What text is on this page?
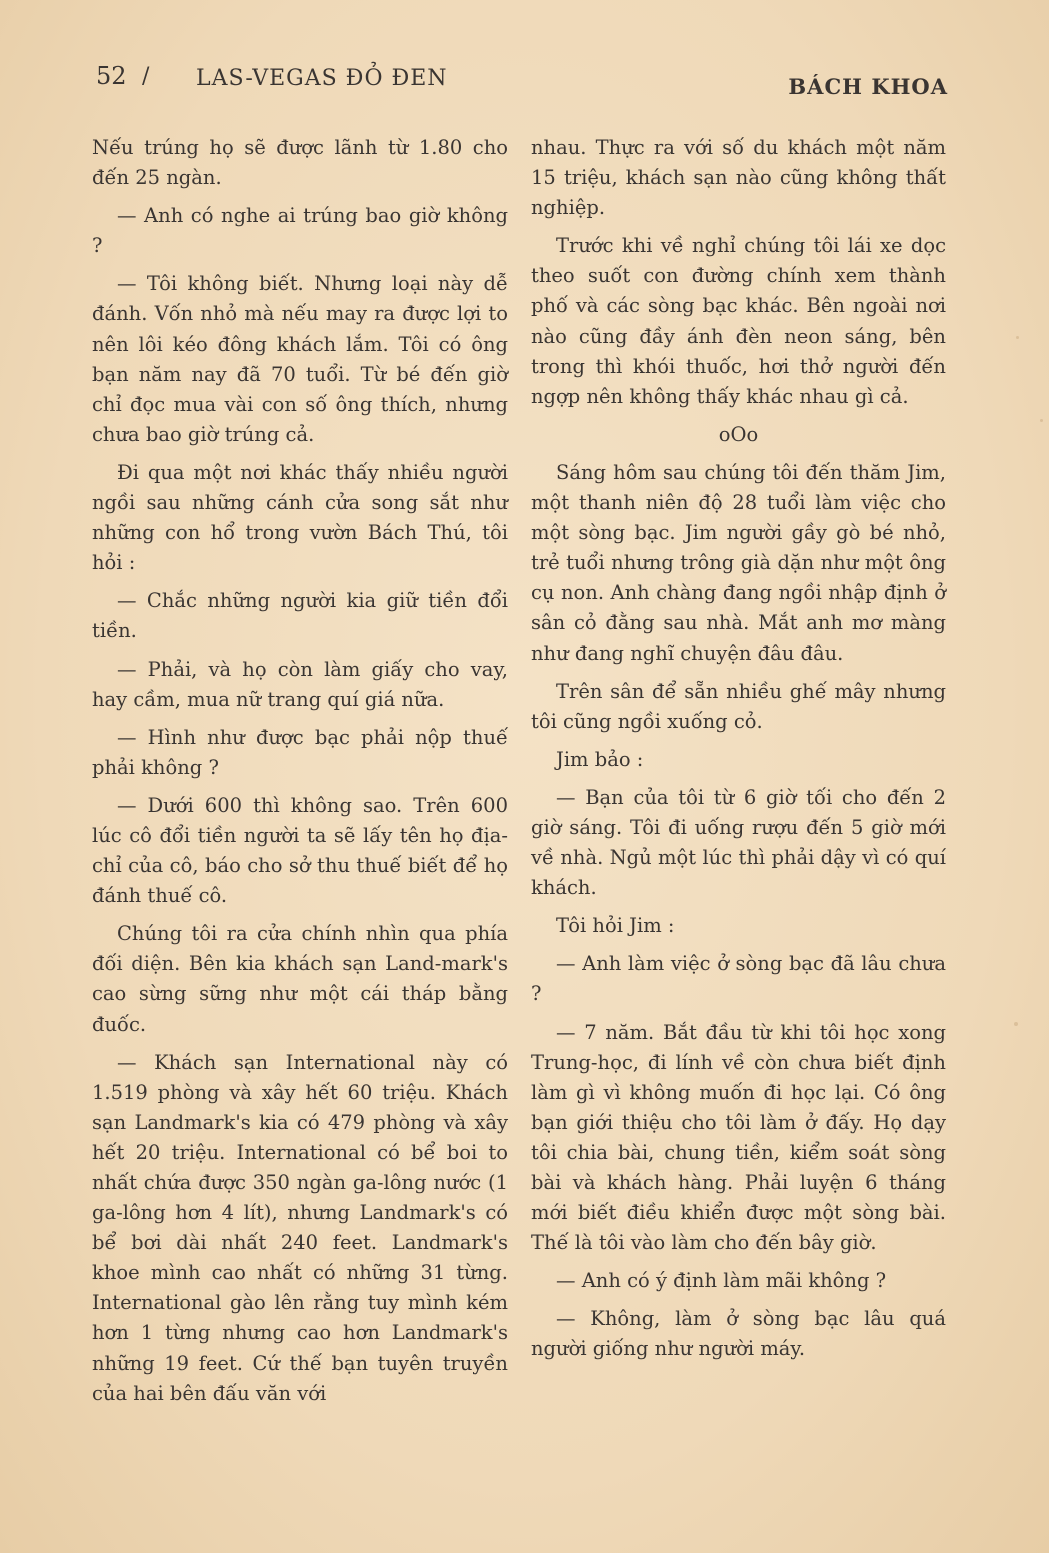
52 / LAS-VEGAS ĐỎ ĐEN	BÁCH KHOA

Nếu trúng họ sẽ được lãnh từ 1.80 cho đến 25 ngàn.

— Anh có nghe ai trúng bao giờ không ?

— Tôi không biết. Nhưng loại này dễ đánh. Vốn nhỏ mà nếu may ra được lợi to nên lôi kéo đông khách lắm. Tôi có ông bạn năm nay đã 70 tuổi. Từ bé đến giờ chỉ đọc mua vài con số ông thích, nhưng chưa bao giờ trúng cả.

Đi qua một nơi khác thấy nhiều người ngồi sau những cánh cửa song sắt như những con hổ trong vườn Bách Thú, tôi hỏi :

— Chắc những người kia giữ tiền đổi tiền.

— Phải, và họ còn làm giấy cho vay, hay cầm, mua nữ trang quí giá nữa.

— Hình như được bạc phải nộp thuế phải không ?

— Dưới 600 thì không sao. Trên 600 lúc cô đổi tiền người ta sẽ lấy tên họ địa-chỉ của cô, báo cho sở thu thuế biết để họ đánh thuế cô.

Chúng tôi ra cửa chính nhìn qua phía đối diện. Bên kia khách sạn Land-mark's cao sừng sững như một cái tháp bằng đuốc.

— Khách sạn International này có 1.519 phòng và xây hết 60 triệu. Khách sạn Landmark's kia có 479 phòng và xây hết 20 triệu. International có bể boi to nhất chứa được 350 ngàn ga-lông nước (1 ga-lông hơn 4 lít), nhưng Landmark's có bể bơi dài nhất 240 feet. Landmark's khoe mình cao nhất có những 31 từng. International gào lên rằng tuy mình kém hơn 1 từng nhưng cao hơn Landmark's những 19 feet. Cứ thế bạn tuyên truyền của hai bên đấu văn với

nhau. Thực ra với số du khách một năm 15 triệu, khách sạn nào cũng không thất nghiệp.

Trước khi về nghỉ chúng tôi lái xe dọc theo suốt con đường chính xem thành phố và các sòng bạc khác. Bên ngoài nơi nào cũng đầy ánh đèn neon sáng, bên trong thì khói thuốc, hơi thở người đến ngợp nên không thấy khác nhau gì cả.

oOo

Sáng hôm sau chúng tôi đến thăm Jim, một thanh niên độ 28 tuổi làm việc cho một sòng bạc. Jim người gầy gò bé nhỏ, trẻ tuổi nhưng trông già dặn như một ông cụ non. Anh chàng đang ngồi nhập định ở sân cỏ đằng sau nhà. Mắt anh mơ màng như đang nghĩ chuyện đâu đâu.

Trên sân để sẵn nhiều ghế mây nhưng tôi cũng ngồi xuống cỏ.

Jim bảo :

— Bạn của tôi từ 6 giờ tối cho đến 2 giờ sáng. Tôi đi uống rượu đến 5 giờ mới về nhà. Ngủ một lúc thì phải dậy vì có quí khách.

Tôi hỏi Jim :

— Anh làm việc ở sòng bạc đã lâu chưa ?

— 7 năm. Bắt đầu từ khi tôi học xong Trung-học, đi lính về còn chưa biết định làm gì vì không muốn đi học lại. Có ông bạn giới thiệu cho tôi làm ở đấy. Họ dạy tôi chia bài, chung tiền, kiểm soát sòng bài và khách hàng. Phải luyện 6 tháng mới biết điều khiển được một sòng bài. Thế là tôi vào làm cho đến bây giờ.

— Anh có ý định làm mãi không ?

— Không, làm ở sòng bạc lâu quá người giống như người máy.
